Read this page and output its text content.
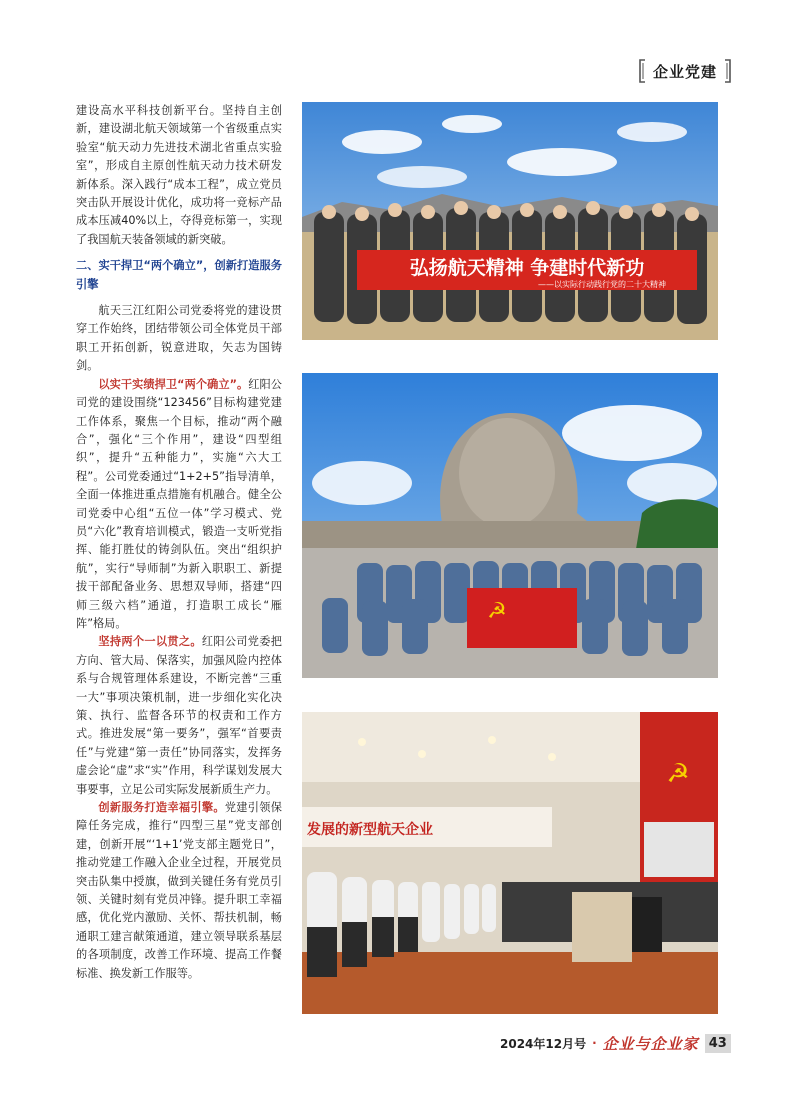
企业党建

建设高水平科技创新平台。坚持自主创新，建设湖北航天领域第一个省级重点实验室“航天动力先进技术湖北省重点实验室”，形成自主原创性航天动力技术研发新体系。深入践行“成本工程”，成立党员突击队开展设计优化，成功将一竞标产品成本压减40%以上，夺得竞标第一，实现了我国航天装备领域的新突破。

二、实干捍卫“两个确立”，创新打造服务引擎

航天三江红阳公司党委将党的建设贯穿工作始终，团结带领公司全体党员干部职工开拓创新，锐意进取，矢志为国铸剑。

以实干实绩捍卫“两个确立”。红阳公司党的建设围绕“123456”目标构建党建工作体系，聚焦一个目标，推动“两个融合”，强化“三个作用”，建设“四型组织”，提升“五种能力”，实施“六大工程”。公司党委通过“1+2+5”指导清单，全面一体推进重点措施有机融合。健全公司党委中心组“五位一体”学习模式、党员“六化”教育培训模式，锻造一支听党指挥、能打胜仗的铸剑队伍。突出“组织护航”，实行“导师制”为新入职职工、新提拔干部配备业务、思想双导师，搭建“四师三级六档”通道，打造职工成长“雁阵”格局。

坚持两个一以贯之。红阳公司党委把方向、管大局、保落实，加强风险内控体系与合规管理体系建设，不断完善“三重一大”事项决策机制，进一步细化实化决策、执行、监督各环节的权责和工作方式。推进发展“第一要务”，强军“首要责任”与党建“第一责任”协同落实，发挥务虚会论“虚”求“实”作用，科学谋划发展大事要事，立足公司实际发展新质生产力。

创新服务打造幸福引擎。党建引领保障任务完成，推行“四型三星”党支部创建，创新开展“‘1+1’党支部主题党日”，推动党建工作融入企业全过程，开展党员突击队集中授旗，做到关键任务有党员引领、关键时刻有党员冲锋。提升职工幸福感，优化党内激励、关怀、帮扶机制，畅通职工建言献策通道，建立领导联系基层的各项制度，改善工作环境、提高工作餐标准、换发新工作服等。

弘扬航天精神 争建时代新功
——以实际行动践行党的二十大精神
☭
发展的新型航天企业
☭
2024年12月号 · 企业与企业家 43
